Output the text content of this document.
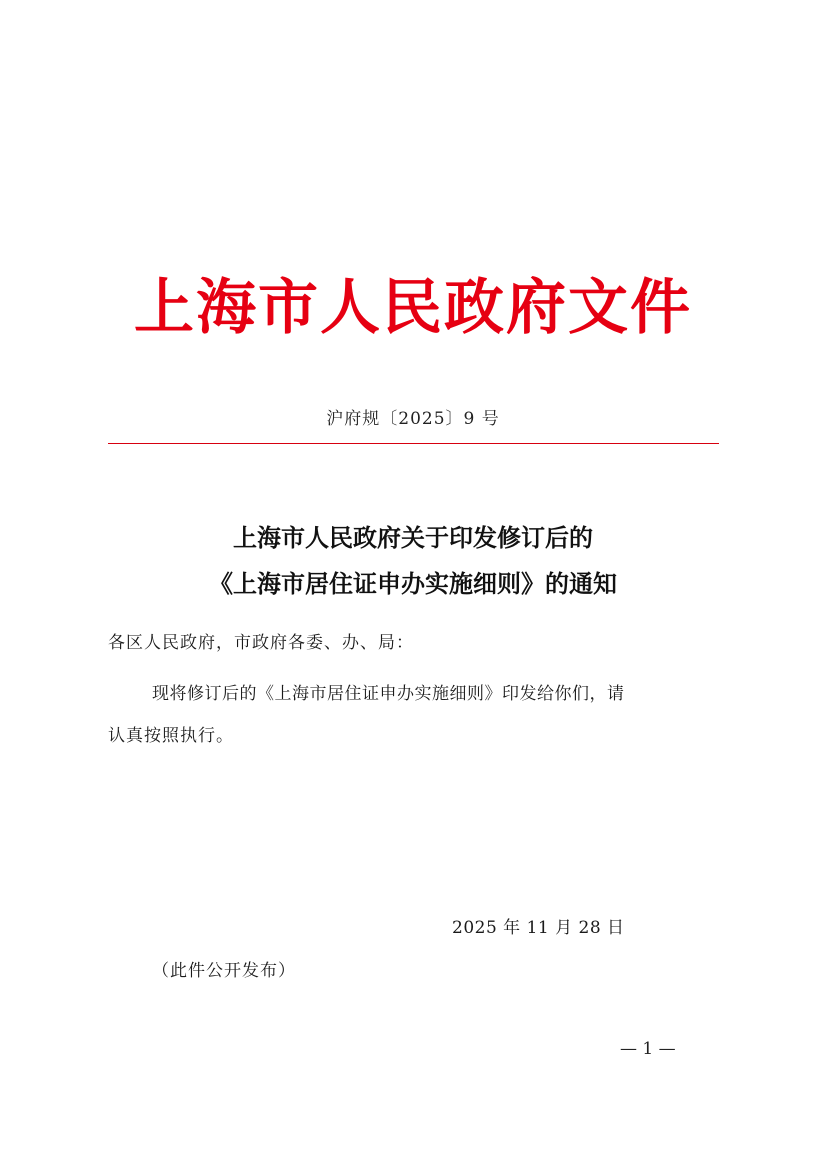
上海市人民政府文件
沪府规〔2025〕9 号
上海市人民政府关于印发修订后的
《上海市居住证申办实施细则》的通知
各区人民政府，市政府各委、办、局：
现将修订后的《上海市居住证申办实施细则》印发给你们，请
认真按照执行。
2025 年 11 月 28 日
（此件公开发布）
— 1 —
